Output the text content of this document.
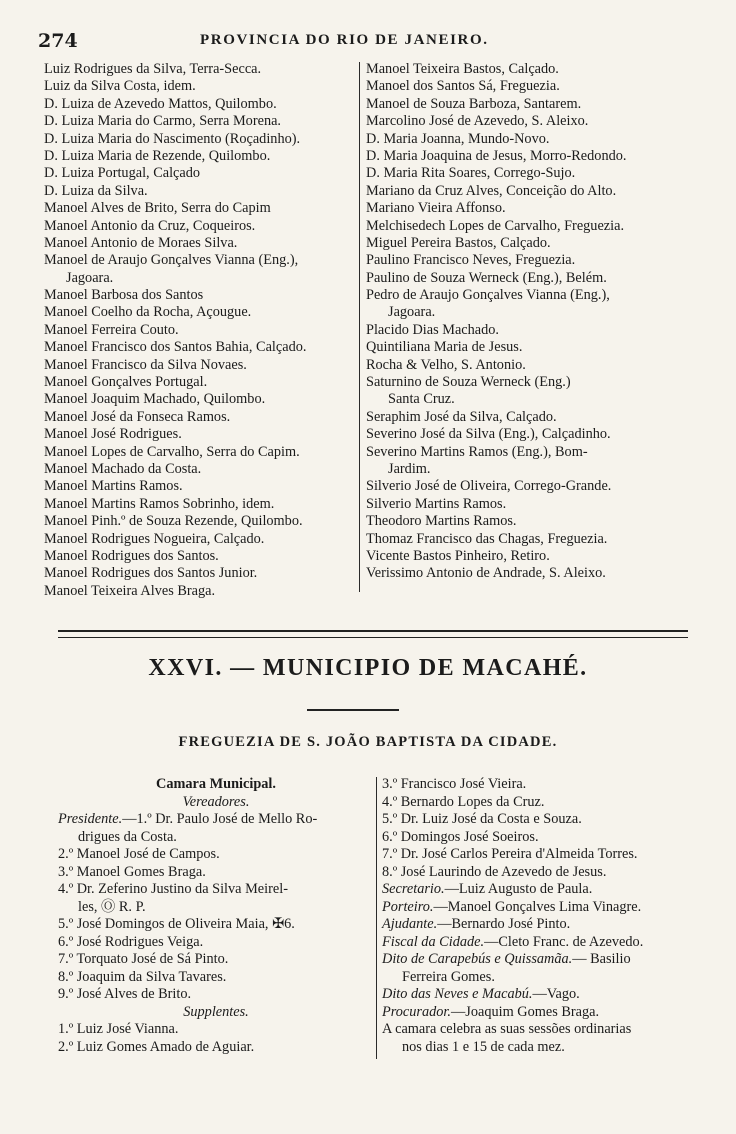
274	PROVINCIA DO RIO DE JANEIRO.
Luiz Rodrigues da Silva, Terra-Secca.
Luiz da Silva Costa, idem.
D. Luiza de Azevedo Mattos, Quilombo.
D. Luiza Maria do Carmo, Serra Morena.
D. Luiza Maria do Nascimento (Roçadinho).
D. Luiza Maria de Rezende, Quilombo.
D. Luiza Portugal, Calçado
D. Luiza da Silva.
Manoel Alves de Brito, Serra do Capim
Manoel Antonio da Cruz, Coqueiros.
Manoel Antonio de Moraes Silva.
Manoel de Araujo Gonçalves Vianna (Eng.),
Jagoara.
Manoel Barbosa dos Santos
Manoel Coelho da Rocha, Açougue.
Manoel Ferreira Couto.
Manoel Francisco dos Santos Bahia, Calçado.
Manoel Francisco da Silva Novaes.
Manoel Gonçalves Portugal.
Manoel Joaquim Machado, Quilombo.
Manoel José da Fonseca Ramos.
Manoel José Rodrigues.
Manoel Lopes de Carvalho, Serra do Capim.
Manoel Machado da Costa.
Manoel Martins Ramos.
Manoel Martins Ramos Sobrinho, idem.
Manoel Pinh.º de Souza Rezende, Quilombo.
Manoel Rodrigues Nogueira, Calçado.
Manoel Rodrigues dos Santos.
Manoel Rodrigues dos Santos Junior.
Manoel Teixeira Alves Braga.
Manoel Teixeira Bastos, Calçado.
Manoel dos Santos Sá, Freguezia.
Manoel de Souza Barboza, Santarem.
Marcolino José de Azevedo, S. Aleixo.
D. Maria Joanna, Mundo-Novo.
D. Maria Joaquina de Jesus, Morro-Redondo.
D. Maria Rita Soares, Corrego-Sujo.
Mariano da Cruz Alves, Conceição do Alto.
Mariano Vieira Affonso.
Melchisedech Lopes de Carvalho, Freguezia.
Miguel Pereira Bastos, Calçado.
Paulino Francisco Neves, Freguezia.
Paulino de Souza Werneck (Eng.), Belém.
Pedro de Araujo Gonçalves Vianna (Eng.),
Jagoara.
Placido Dias Machado.
Quintiliana Maria de Jesus.
Rocha & Velho, S. Antonio.
Saturnino de Souza Werneck (Eng.)
Santa Cruz.
Seraphim José da Silva, Calçado.
Severino José da Silva (Eng.), Calçadinho.
Severino Martins Ramos (Eng.), Bom-
Jardim.
Silverio José de Oliveira, Corrego-Grande.
Silverio Martins Ramos.
Theodoro Martins Ramos.
Thomaz Francisco das Chagas, Freguezia.
Vicente Bastos Pinheiro, Retiro.
Verissimo Antonio de Andrade, S. Aleixo.
XXVI. — MUNICIPIO DE MACAHÉ.
FREGUEZIA DE S. JOÃO BAPTISTA DA CIDADE.
Camara Municipal.
Vereadores.
Presidente.—1.º Dr. Paulo José de Mello Ro-
drigues da Costa.
2.º Manoel José de Campos.
3.º Manoel Gomes Braga.
4.º Dr. Zeferino Justino da Silva Meirel-
les, Ⓞ R. P.
5.º José Domingos de Oliveira Maia, ✠6.
6.º José Rodrigues Veiga.
7.º Torquato José de Sá Pinto.
8.º Joaquim da Silva Tavares.
9.º José Alves de Brito.
Supplentes.
1.º Luiz José Vianna.
2.º Luiz Gomes Amado de Aguiar.
3.º Francisco José Vieira.
4.º Bernardo Lopes da Cruz.
5.º Dr. Luiz José da Costa e Souza.
6.º Domingos José Soeiros.
7.º Dr. José Carlos Pereira d'Almeida Torres.
8.º José Laurindo de Azevedo de Jesus.
Secretario.—Luiz Augusto de Paula.
Porteiro.—Manoel Gonçalves Lima Vinagre.
Ajudante.—Bernardo José Pinto.
Fiscal da Cidade.—Cleto Franc. de Azevedo.
Dito de Carapebús e Quissamãa.— Basilio
Ferreira Gomes.
Dito das Neves e Macabú.—Vago.
Procurador.—Joaquim Gomes Braga.
A camara celebra as suas sessões ordinarias
nos dias 1 e 15 de cada mez.
